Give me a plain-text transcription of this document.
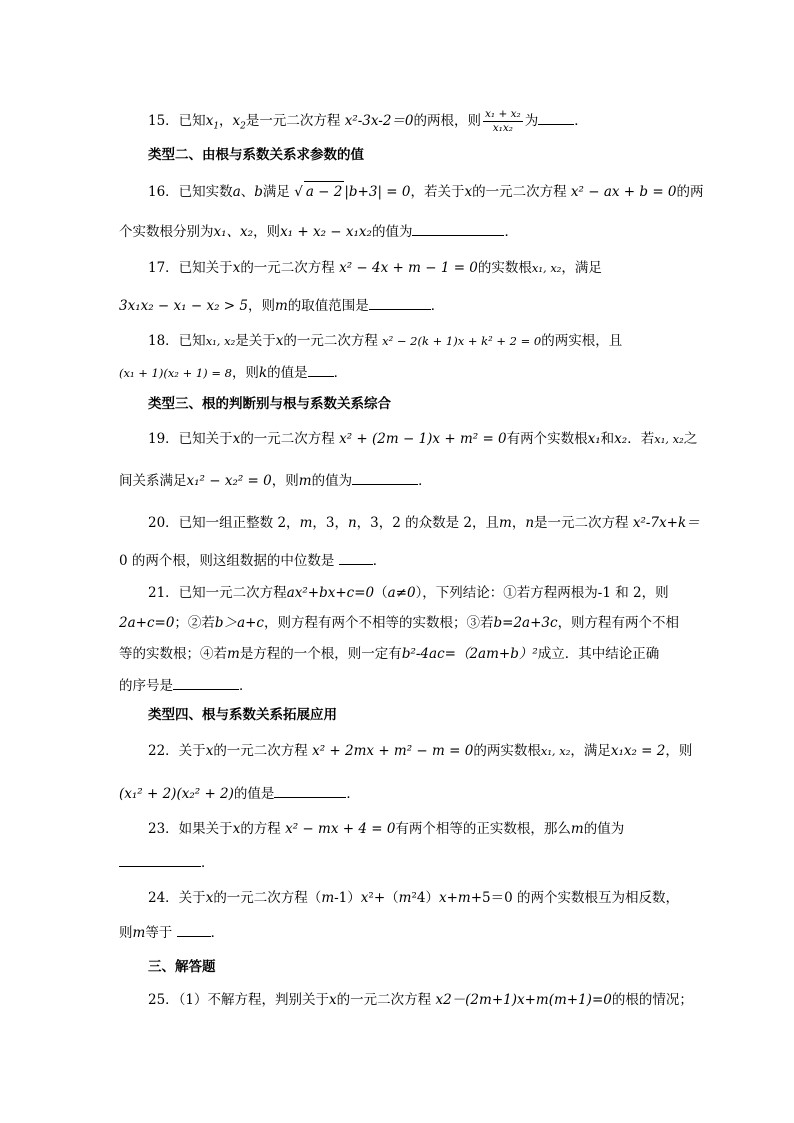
15．已知$x_1$，$x_2$是一元二次方程 x²-3x-2＝0的两根，则 $\frac{\text{x₁ + x₂}}{\text{x₁x₂}}$ 为	．
类型二、由根与系数关系求参数的值
16．已知实数a、b满足 √ a − 2 |b+3| = 0，若关于x的一元二次方程 x² − ax + b = 0的两
个实数根分别为x₁、x₂，则x₁ + x₂ − x₁x₂的值为	．
17．已知关于x的一元二次方程 x² − 4x + m − 1 = 0的实数根x₁, x₂，满足
3x₁x₂ − x₁ − x₂ > 5，则m的取值范围是	．
18．已知x₁, x₂是关于x的一元二次方程 x² − 2(k + 1)x + k² + 2 = 0的两实根，且
(x₁ + 1)(x₂ + 1) = 8，则k的值是 ．
类型三、根的判断别与根与系数关系综合
19．已知关于x的一元二次方程 x² + (2m − 1)x + m² = 0有两个实数根x₁和x₂．若x₁, x₂之
间关系满足x₁² − x₂² = 0，则m的值为	．
20．已知一组正整数 2，m，3，n，3，2 的众数是 2，且m，n是一元二次方程 x²-7x+k＝
0 的两个根，则这组数据的中位数是	．
21．已知一元二次方程ax²+bx+c=0（a≠0），下列结论：①若方程两根为-1 和 2，则
2a+c=0；②若b＞a+c，则方程有两个不相等的实数根；③若b=2a+3c，则方程有两个不相
等的实数根；④若m是方程的一个根，则一定有b²-4ac=（2am+b）²成立．其中结论正确
的序号是	．
类型四、根与系数关系拓展应用
22．关于x的一元二次方程 x² + 2mx + m² − m = 0的两实数根x₁, x₂，满足x₁x₂ = 2，则
(x₁² + 2)(x₂² + 2)的值是	．
23．如果关于x的方程 x² − mx + 4 = 0有两个相等的正实数根，那么m的值为
．
24．关于x的一元二次方程（m-1）x²+（m²4）x+m+5＝0 的两个实数根互为相反数，
则m等于	．
三、解答题
25．（1）不解方程，判别关于x的一元二次方程 x2－(2m+1)x+m(m+1)=0的根的情况；
